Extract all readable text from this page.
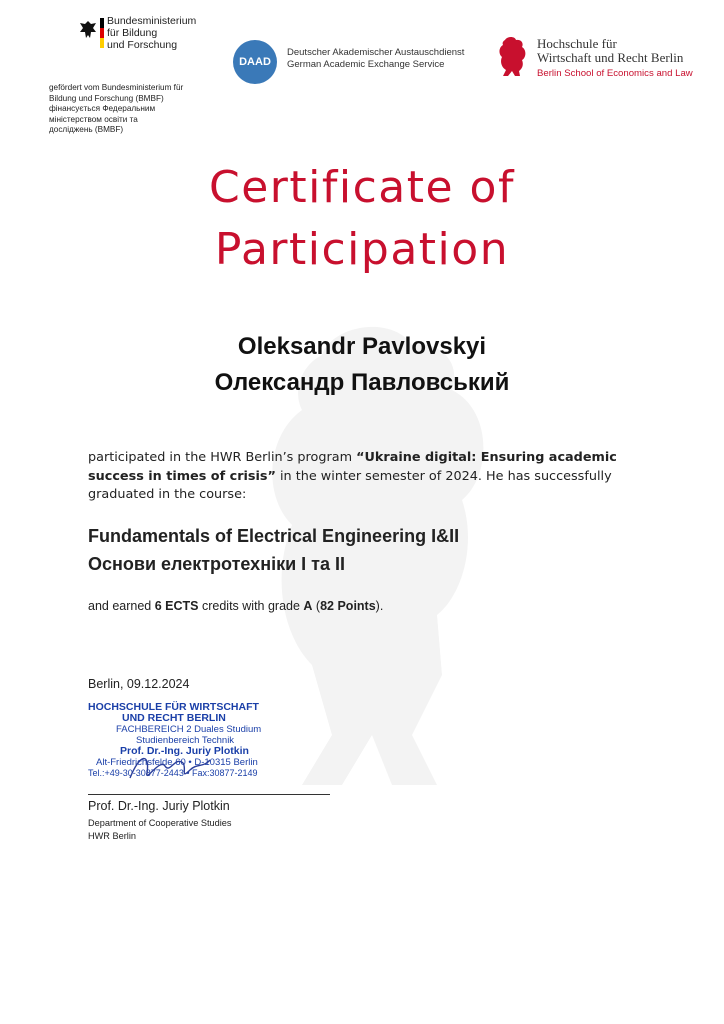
Bundesministerium
für Bildung
und Forschung
gefördert vom Bundesministerium für
Bildung und Forschung (BMBF)
фінансується Федеральним
міністерством освіти та
досліджень (BMBF)
DAAD
Deutscher Akademischer Austauschdienst
German Academic Exchange Service
Hochschule für
Wirtschaft und Recht Berlin
Berlin School of Economics and Law
Certificate of
Participation
Oleksandr Pavlovskyi
Олександр Павловський
participated in the HWR Berlin’s program “Ukraine digital: Ensuring academic success in times of crisis” in the winter semester of 2024. He has successfully graduated in the course:
Fundamentals of Electrical Engineering I&II
Основи електротехніки I та II
and earned 6 ECTS credits with grade A (82 Points).
Berlin, 09.12.2024
HOCHSCHULE FÜR WIRTSCHAFT
UND RECHT BERLIN
FACHBEREICH 2 Duales Studium
Studienbereich Technik
Prof. Dr.-Ing. Juriy Plotkin
Alt-Friedrichsfelde 60 • D-10315 Berlin
Tel.:+49-30-30877-2443 • Fax:30877-2149
Prof. Dr.-Ing. Juriy Plotkin
Department of Cooperative Studies
HWR Berlin
